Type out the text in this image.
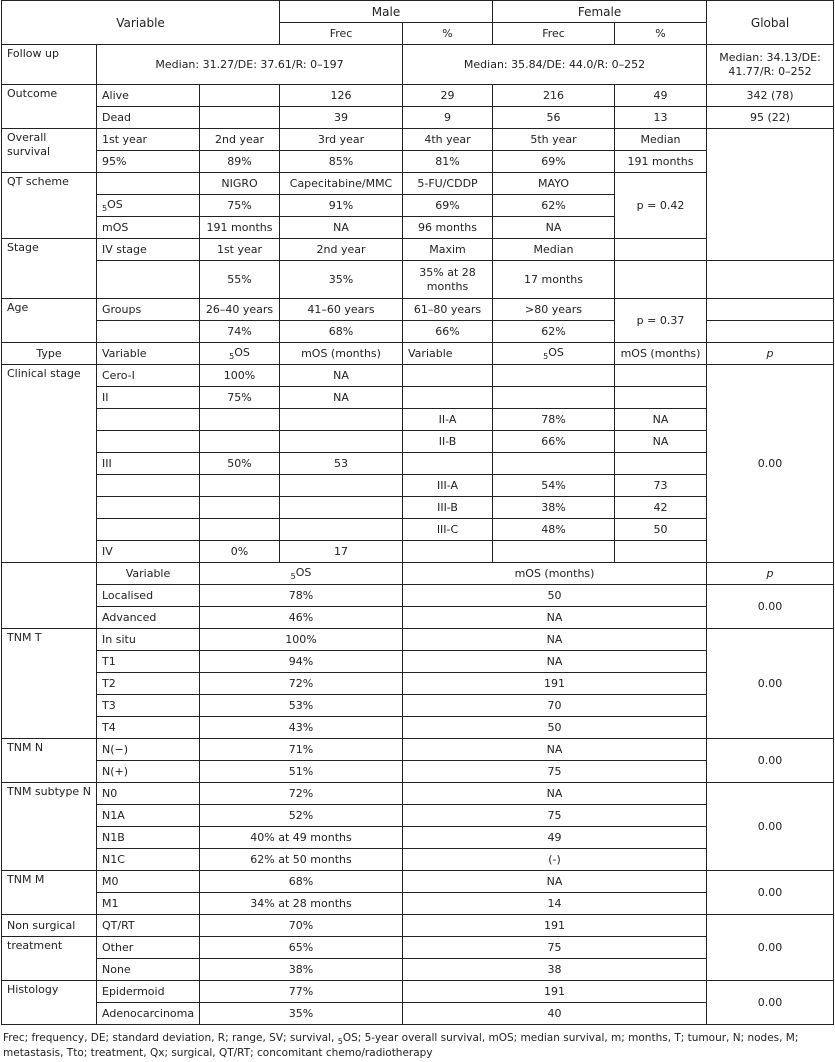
Variable			Male		Female		Global	
			Frec	%	Frec	%		
Follow up	Median: 31.27/DE: 37.61/R: 0–197			Median: 35.84/DE: 44.0/R: 0–252			Median: 34.13/DE: 41.77/R: 0–252	
Outcome	Alive		126	29	216	49	342 (78)	
	Dead		39	9	56	13	95 (22)	
Overall survival	1st year	2nd year	3rd year	4th year	5th year	Median		
	95%	89%	85%	81%	69%	191 months		
QT scheme		NIGRO	Capecitabine/MMC	5-FU/CDDP	MAYO	p = 0.42		
	$_5$OS	75%	91%	69%	62%			
	mOS	191 months	NA	96 months	NA			
Stage	IV stage	1st year	2nd year	Maxim	Median			
		55%	35%	35% at 28 months	17 months			
Age	Groups	26–40 years	41–60 years	61–80 years	>80 years	p = 0.37		
		74%	68%	66%	62%			
Type	Variable	$_5$OS	mOS (months)	Variable	$_5$OS	mOS (months)	p	
Clinical stage	Cero-I	100%	NA				0.00	
	II	75%	NA					
				II-A	78%	NA		
				II-B	66%	NA		
	III	50%	53					
				III-A	54%	73		
				III-B	38%	42		
				III-C	48%	50		
	IV	0%	17					
	Variable	$_5$OS		mOS (months)			p	
	Localised	78%		50			0.00	
	Advanced	46%		NA				
TNM T	In situ	100%		NA			0.00	
	T1	94%		NA				
	T2	72%		191				
	T3	53%		70				
	T4	43%		50				
TNM N	N(−)	71%		NA			0.00	
	N(+)	51%		75				
TNM subtype N	N0	72%		NA			0.00	
	N1A	52%		75				
	N1B	40% at 49 months		49				
	N1C	62% at 50 months		(-)				
TNM M	M0	68%		NA			0.00	
	M1	34% at 28 months		14				
Non surgical	QT/RT	70%		191			0.00	
treatment	Other	65%		75				
	None	38%		38				
Histology	Epidermoid	77%		191			0.00	
	Adenocarcinoma	35%		40				
Frec; frequency, DE; standard deviation, R; range, SV; survival, $_5$OS; 5-year overall survival, mOS; median survival, m; months, T; tumour, N; nodes, M; metastasis, Tto; treatment, Qx; surgical, QT/RT; concomitant chemo/radiotherapy
